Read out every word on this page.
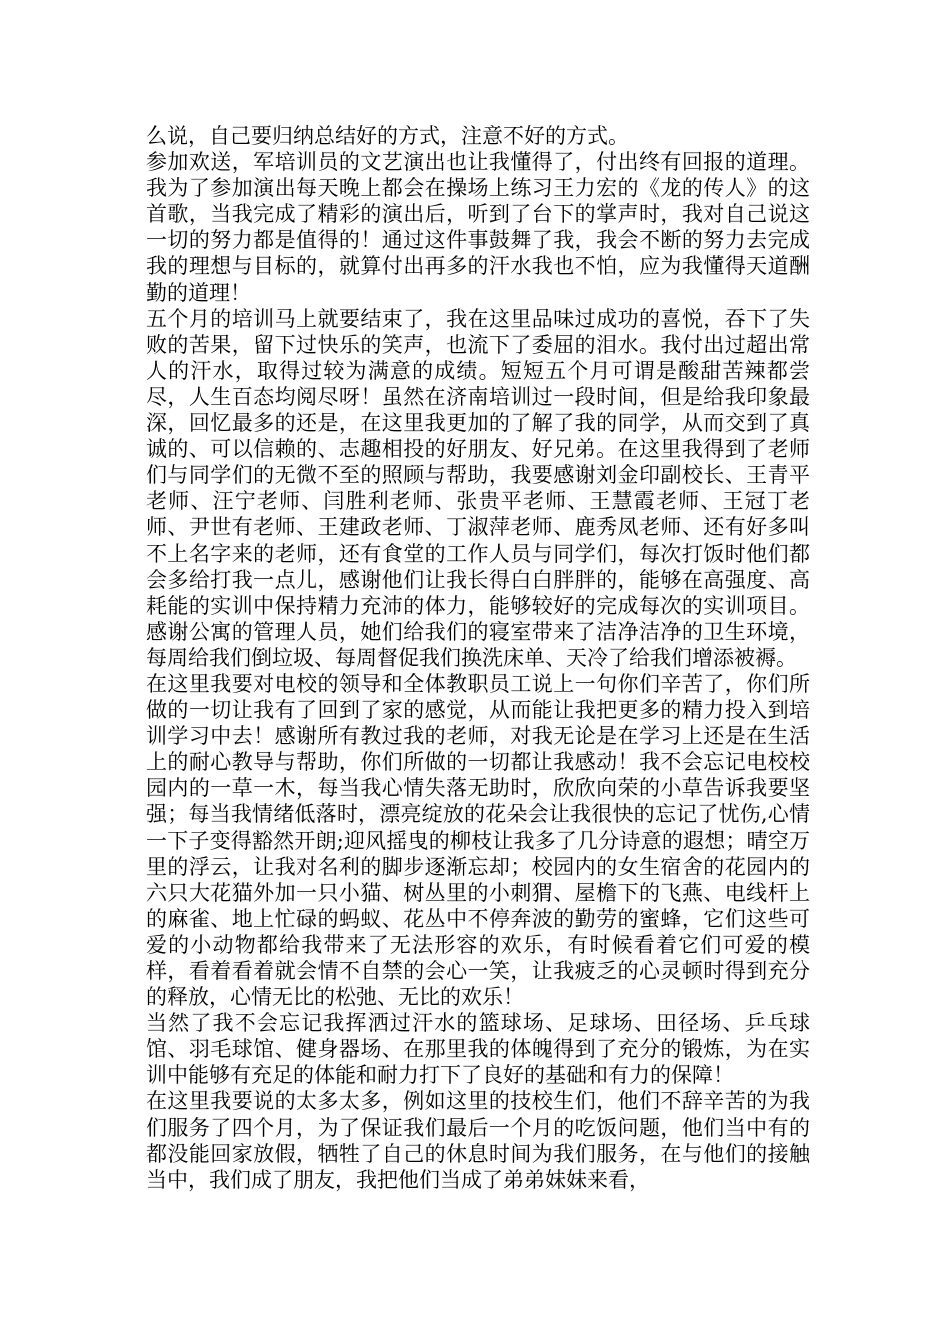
么说，自己要归纳总结好的方式，注意不好的方式。

参加欢送，军培训员的文艺演出也让我懂得了，付出终有回报的道理。我为了参加演出每天晚上都会在操场上练习王力宏的《龙的传人》的这首歌，当我完成了精彩的演出后，听到了台下的掌声时，我对自己说这一切的努力都是值得的！通过这件事鼓舞了我，我会不断的努力去完成我的理想与目标的，就算付出再多的汗水我也不怕，应为我懂得天道酬勤的道理！

五个月的培训马上就要结束了，我在这里品味过成功的喜悦，吞下了失败的苦果，留下过快乐的笑声，也流下了委屈的泪水。我付出过超出常人的汗水，取得过较为满意的成绩。短短五个月可谓是酸甜苦辣都尝尽，人生百态均阅尽呀！虽然在济南培训过一段时间，但是给我印象最深，回忆最多的还是，在这里我更加的了解了我的同学，从而交到了真诚的、可以信赖的、志趣相投的好朋友、好兄弟。在这里我得到了老师们与同学们的无微不至的照顾与帮助，我要感谢刘金印副校长、王青平老师、汪宁老师、闫胜利老师、张贵平老师、王慧霞老师、王冠丁老师、尹世有老师、王建政老师、丁淑萍老师、鹿秀凤老师、还有好多叫不上名字来的老师，还有食堂的工作人员与同学们，每次打饭时他们都会多给打我一点儿，感谢他们让我长得白白胖胖的，能够在高强度、高耗能的实训中保持精力充沛的体力，能够较好的完成每次的实训项目。感谢公寓的管理人员，她们给我们的寝室带来了洁净洁净的卫生环境，每周给我们倒垃圾、每周督促我们换洗床单、天冷了给我们增添被褥。

在这里我要对电校的领导和全体教职员工说上一句你们辛苦了，你们所做的一切让我有了回到了家的感觉，从而能让我把更多的精力投入到培训学习中去！感谢所有教过我的老师，对我无论是在学习上还是在生活上的耐心教导与帮助，你们所做的一切都让我感动！我不会忘记电校校园内的一草一木，每当我心情失落无助时，欣欣向荣的小草告诉我要坚强；每当我情绪低落时，漂亮绽放的花朵会让我很快的忘记了忧伤,心情一下子变得豁然开朗;迎风摇曳的柳枝让我多了几分诗意的遐想；晴空万里的浮云，让我对名利的脚步逐渐忘却；校园内的女生宿舍的花园内的六只大花猫外加一只小猫、树丛里的小刺猬、屋檐下的飞燕、电线杆上的麻雀、地上忙碌的蚂蚁、花丛中不停奔波的勤劳的蜜蜂，它们这些可爱的小动物都给我带来了无法形容的欢乐，有时候看着它们可爱的模样，看着看着就会情不自禁的会心一笑，让我疲乏的心灵顿时得到充分的释放，心情无比的松弛、无比的欢乐！

当然了我不会忘记我挥洒过汗水的篮球场、足球场、田径场、乒乓球馆、羽毛球馆、健身器场、在那里我的体魄得到了充分的锻炼，为在实训中能够有充足的体能和耐力打下了良好的基础和有力的保障！

在这里我要说的太多太多，例如这里的技校生们，他们不辞辛苦的为我们服务了四个月，为了保证我们最后一个月的吃饭问题，他们当中有的都没能回家放假，牺牲了自己的休息时间为我们服务，在与他们的接触当中，我们成了朋友，我把他们当成了弟弟妹妹来看，
